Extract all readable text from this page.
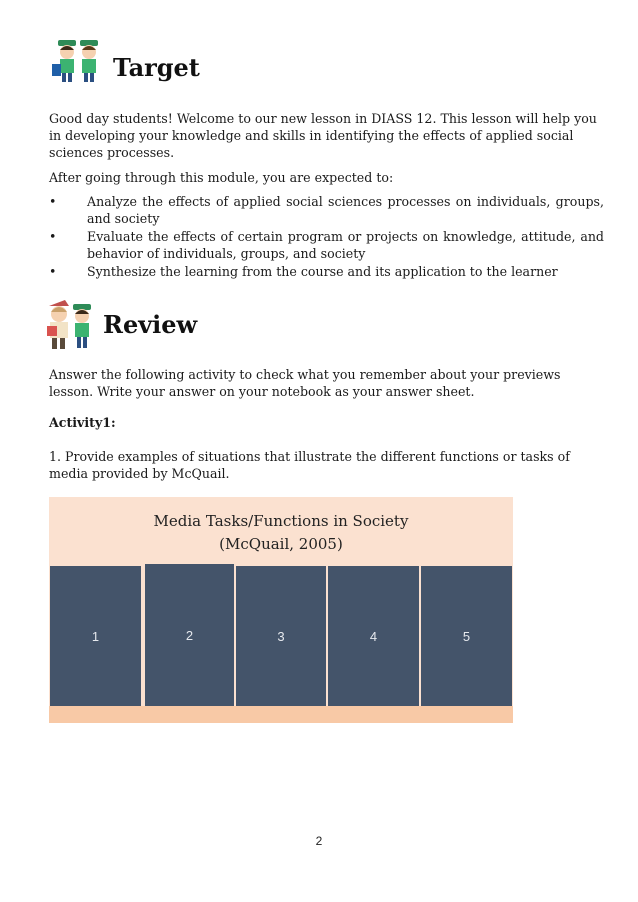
Target
Good day students! Welcome to our new lesson in DIASS 12. This lesson will help you in developing your knowledge and skills in identifying the effects of applied social sciences processes.
After going through this module, you are expected to:
•	Analyze the effects of applied social sciences processes on individuals, groups, and society
•	Evaluate the effects of certain program or projects on knowledge, attitude, and behavior of individuals, groups, and society
•	Synthesize the learning from the course and its application to the learner
Review
Answer the following activity to check what you remember about your previews lesson. Write your answer on your notebook as your answer sheet.
Activity1:
1. Provide examples of situations that illustrate the different functions or tasks of media provided by McQuail.
Media Tasks/Functions in Society
(McQuail, 2005)
1	2	3	4	5
2
